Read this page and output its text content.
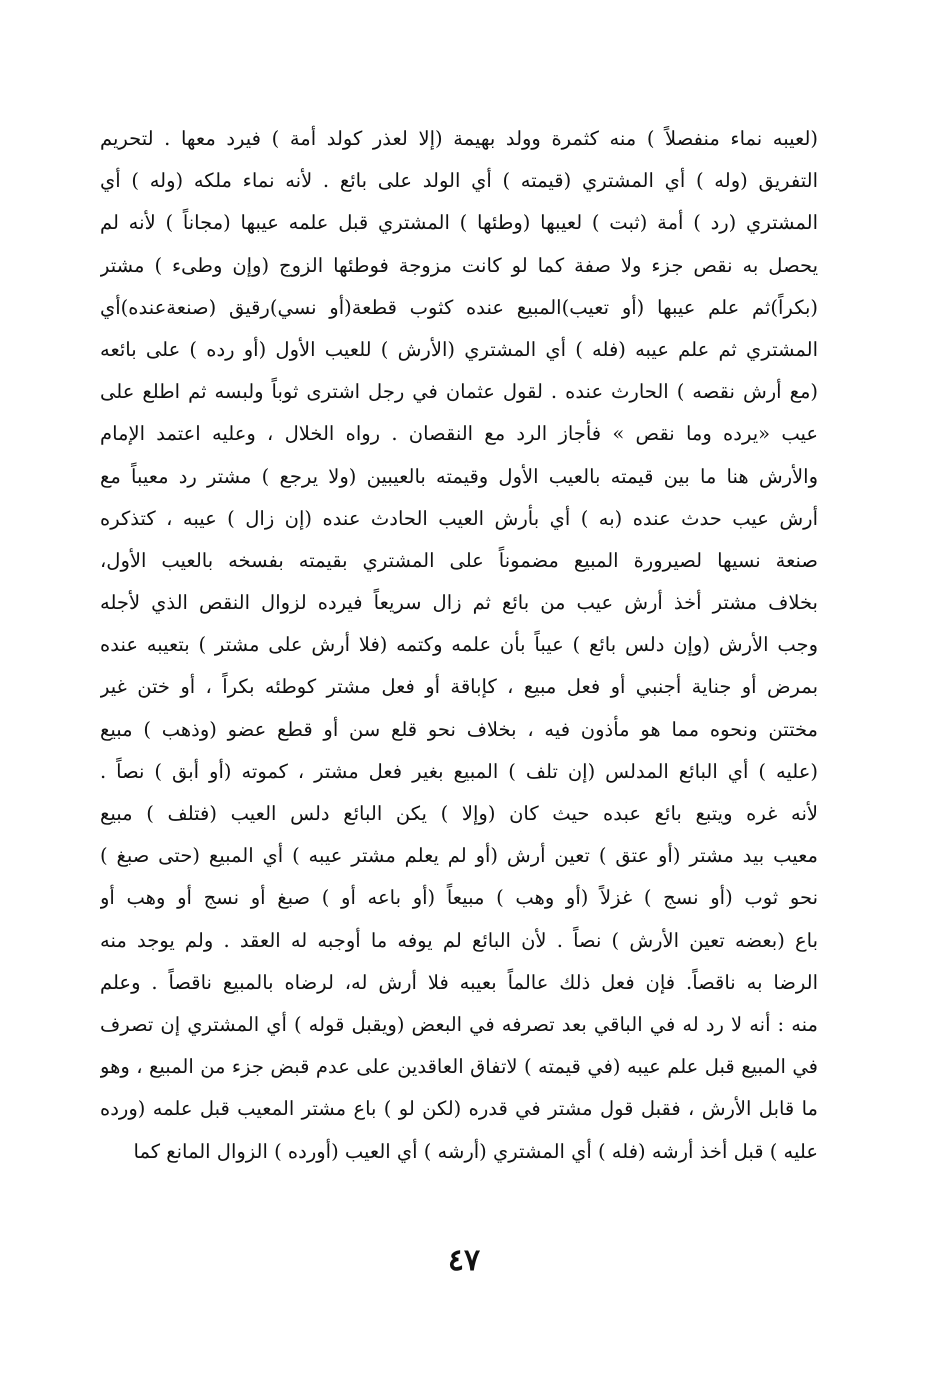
(لعيبه نماء منفصلاً ) منه كثمرة وولد بهيمة (إلا لعذر كولد أمة ) فيرد معها . لتحريم
التفريق (وله ) أي المشتري (قيمته ) أي الولد على بائع . لأنه نماء ملكه (وله ) أي
المشتري (رد ) أمة (ثبت ) لعيبها (وطئها ) المشتري قبل علمه عيبها (مجاناً ) لأنه لم
يحصل به نقص جزء ولا صفة كما لو كانت مزوجة فوطئها الزوج (وإن وطىء ) مشتر
(بكراً)ثم علم عيبها (أو تعيب)المبيع عنده كثوب قطعة(أو نسي)رقيق (صنعةعنده)أي
المشتري ثم علم عيبه (فله ) أي المشتري (الأرش ) للعيب الأول (أو رده ) على بائعه
(مع أرش نقصه ) الحارث عنده . لقول عثمان في رجل اشترى ثوباً ولبسه ثم اطلع على
عيب «يرده وما نقص » فأجاز الرد مع النقصان . رواه الخلال ، وعليه اعتمد الإمام
والأرش هنا ما بين قيمته بالعيب الأول وقيمته بالعيبين (ولا يرجع ) مشتر رد معيباً مع
أرش عيب حدث عنده (به ) أي بأرش العيب الحادث عنده (إن زال ) عيبه ، كتذكره
صنعة نسيها لصيرورة المبيع مضموناً على المشتري بقيمته بفسخه بالعيب الأول،
بخلاف مشتر أخذ أرش عيب من بائع ثم زال سريعاً فيرده لزوال النقص الذي لأجله
وجب الأرش (وإن دلس بائع ) عيباً بأن علمه وكتمه (فلا أرش على مشتر ) بتعيبه عنده
بمرض أو جناية أجنبي أو فعل مبيع ، كإباقة أو فعل مشتر كوطئه بكراً ، أو ختن غير
مختتن ونحوه مما هو مأذون فيه ، بخلاف نحو قلع سن أو قطع عضو (وذهب ) مبيع
(عليه ) أي البائع المدلس (إن تلف ) المبيع بغير فعل مشتر ، كموته (أو أبق ) نصاً .
لأنه غره ويتبع بائع عبده حيث كان (وإلا ) يكن البائع دلس العيب (فتلف ) مبيع
معيب بيد مشتر (أو عتق ) تعين أرش (أو لم يعلم مشتر عيبه ) أي المبيع (حتى صبغ )
نحو ثوب (أو نسج ) غزلاً (أو وهب ) مبيعاً (أو باعه أو ) صبغ أو نسج أو وهب أو
باع (بعضه تعين الأرش ) نصاً . لأن البائع لم يوفه ما أوجبه له العقد . ولم يوجد منه
الرضا به ناقصاً. فإن فعل ذلك عالماً بعيبه فلا أرش له، لرضاه بالمبيع ناقصاً . وعلم
منه : أنه لا رد له في الباقي بعد تصرفه في البعض (ويقبل قوله ) أي المشتري إن تصرف
في المبيع قبل علم عيبه (في قيمته ) لاتفاق العاقدين على عدم قبض جزء من المبيع ، وهو
ما قابل الأرش ، فقبل قول مشتر في قدره (لكن لو ) باع مشتر المعيب قبل علمه (ورده
عليه ) قبل أخذ أرشه (فله ) أي المشتري (أرشه ) أي العيب (أورده ) الزوال المانع كما
٤٧
